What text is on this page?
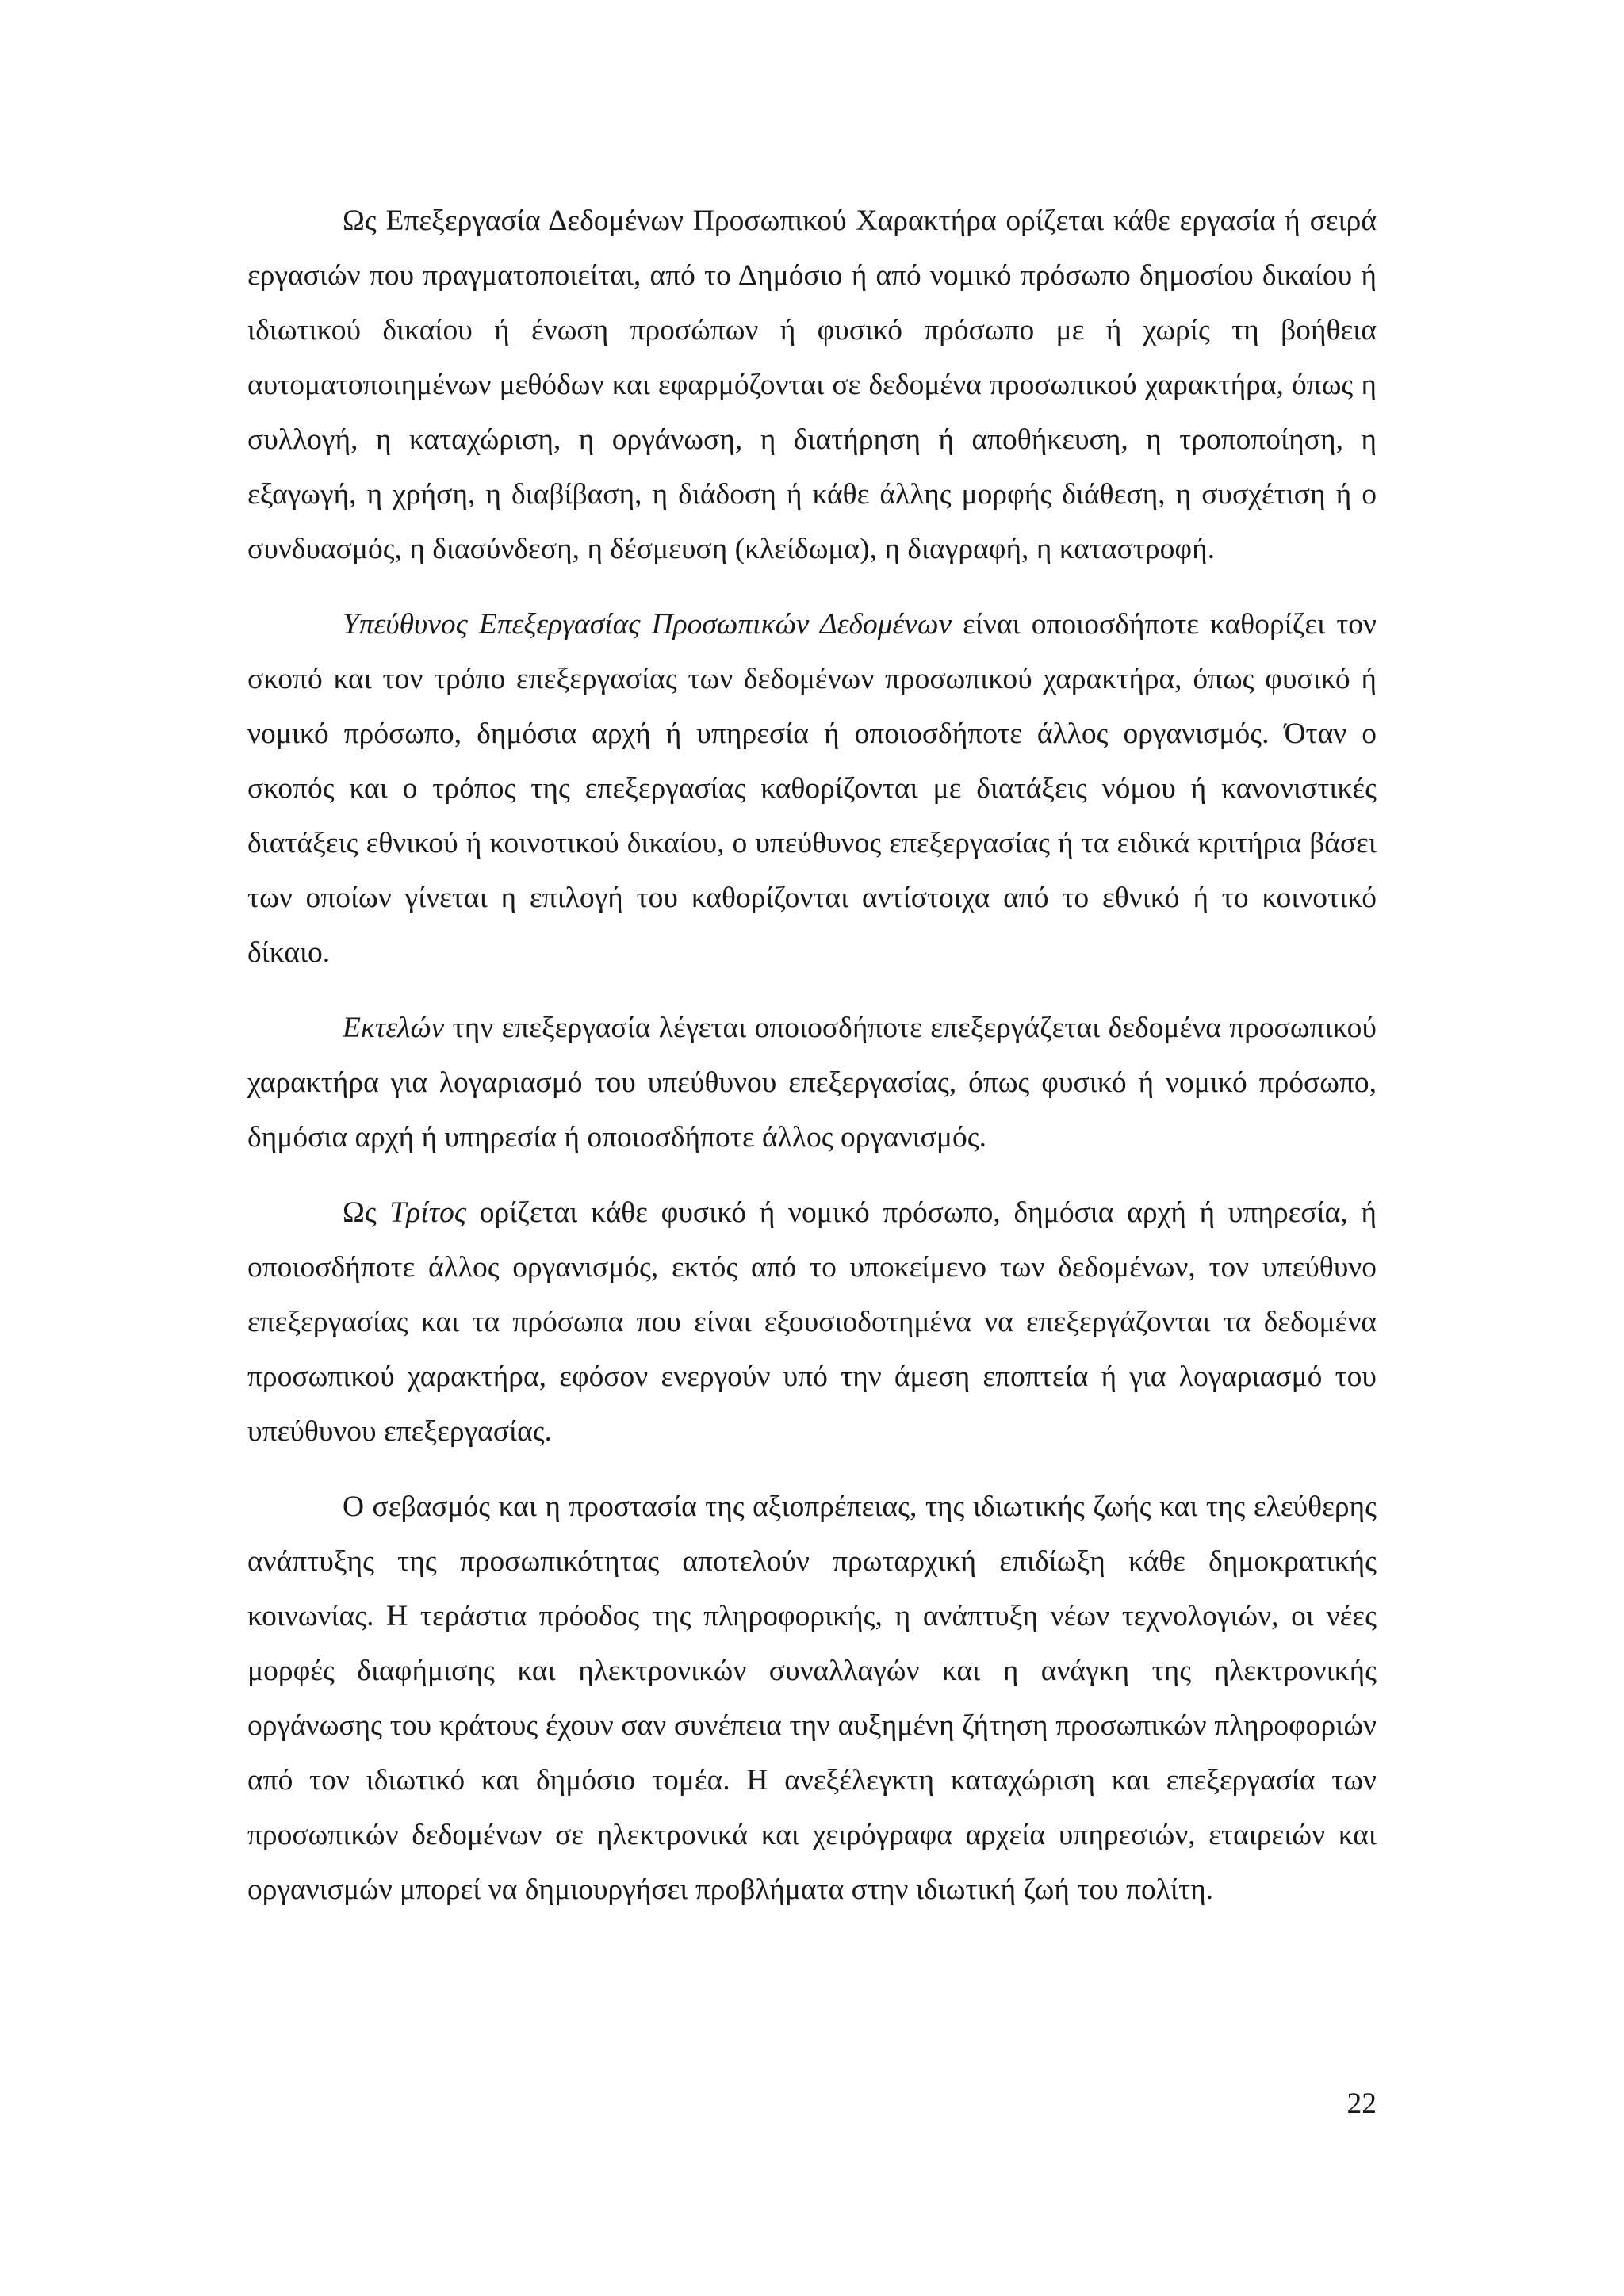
Ως Επεξεργασία Δεδομένων Προσωπικού Χαρακτήρα ορίζεται κάθε εργασία ή σειρά εργασιών που πραγματοποιείται, από το Δημόσιο ή από νομικό πρόσωπο δημοσίου δικαίου ή ιδιωτικού δικαίου ή ένωση προσώπων ή φυσικό πρόσωπο με ή χωρίς τη βοήθεια αυτοματοποιημένων μεθόδων και εφαρμόζονται σε δεδομένα προσωπικού χαρακτήρα, όπως η συλλογή, η καταχώριση, η οργάνωση, η διατήρηση ή αποθήκευση, η τροποποίηση, η εξαγωγή, η χρήση, η διαβίβαση, η διάδοση ή κάθε άλλης μορφής διάθεση, η συσχέτιση ή ο συνδυασμός, η διασύνδεση, η δέσμευση (κλείδωμα), η διαγραφή, η καταστροφή.

Υπεύθυνος Επεξεργασίας Προσωπικών Δεδομένων είναι οποιοσδήποτε καθορίζει τον σκοπό και τον τρόπο επεξεργασίας των δεδομένων προσωπικού χαρακτήρα, όπως φυσικό ή νομικό πρόσωπο, δημόσια αρχή ή υπηρεσία ή οποιοσδήποτε άλλος οργανισμός. Όταν ο σκοπός και ο τρόπος της επεξεργασίας καθορίζονται με διατάξεις νόμου ή κανονιστικές διατάξεις εθνικού ή κοινοτικού δικαίου, ο υπεύθυνος επεξεργασίας ή τα ειδικά κριτήρια βάσει των οποίων γίνεται η επιλογή του καθορίζονται αντίστοιχα από το εθνικό ή το κοινοτικό δίκαιο.

Εκτελών την επεξεργασία λέγεται οποιοσδήποτε επεξεργάζεται δεδομένα προσωπικού χαρακτήρα για λογαριασμό του υπεύθυνου επεξεργασίας, όπως φυσικό ή νομικό πρόσωπο, δημόσια αρχή ή υπηρεσία ή οποιοσδήποτε άλλος οργανισμός.

Ως Τρίτος ορίζεται κάθε φυσικό ή νομικό πρόσωπο, δημόσια αρχή ή υπηρεσία, ή οποιοσδήποτε άλλος οργανισμός, εκτός από το υποκείμενο των δεδομένων, τον υπεύθυνο επεξεργασίας και τα πρόσωπα που είναι εξουσιοδοτημένα να επεξεργάζονται τα δεδομένα προσωπικού χαρακτήρα, εφόσον ενεργούν υπό την άμεση εποπτεία ή για λογαριασμό του υπεύθυνου επεξεργασίας.

Ο σεβασμός και η προστασία της αξιοπρέπειας, της ιδιωτικής ζωής και της ελεύθερης ανάπτυξης της προσωπικότητας αποτελούν πρωταρχική επιδίωξη κάθε δημοκρατικής κοινωνίας. Η τεράστια πρόοδος της πληροφορικής, η ανάπτυξη νέων τεχνολογιών, οι νέες μορφές διαφήμισης και ηλεκτρονικών συναλλαγών και η ανάγκη της ηλεκτρονικής οργάνωσης του κράτους έχουν σαν συνέπεια την αυξημένη ζήτηση προσωπικών πληροφοριών από τον ιδιωτικό και δημόσιο τομέα. Η ανεξέλεγκτη καταχώριση και επεξεργασία των προσωπικών δεδομένων σε ηλεκτρονικά και χειρόγραφα αρχεία υπηρεσιών, εταιρειών και οργανισμών μπορεί να δημιουργήσει προβλήματα στην ιδιωτική ζωή του πολίτη.

22
